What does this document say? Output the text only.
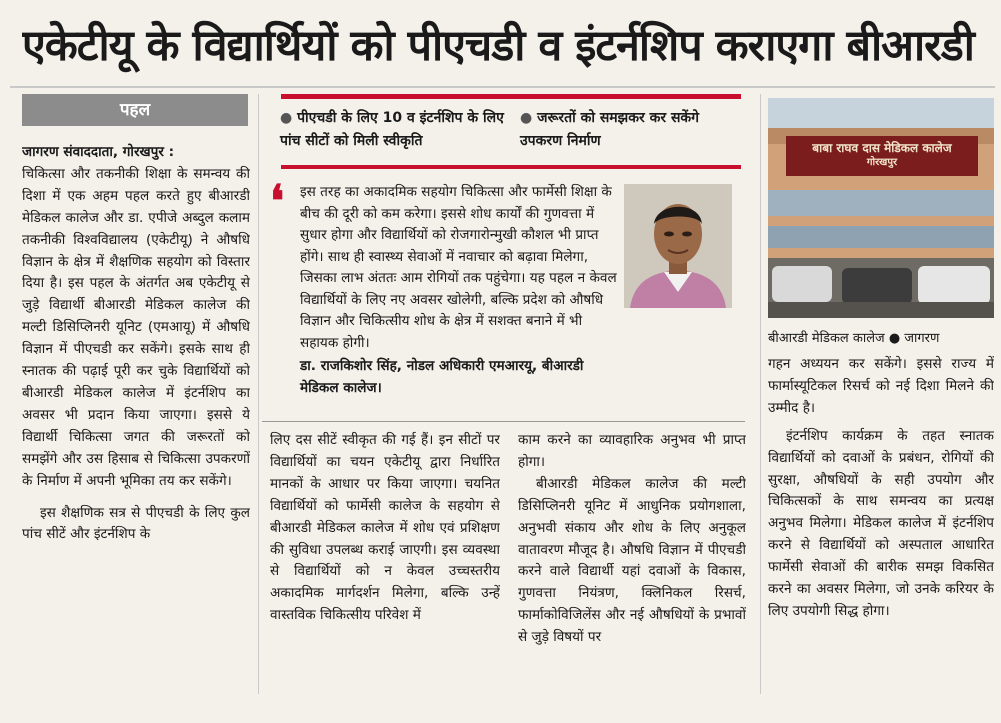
एकेटीयू के विद्यार्थियों को पीएचडी व इंटर्नशिप कराएगा बीआरडी
पहल

जागरण संवाददाता, गोरखपुर :

चिकित्सा और तकनीकी शिक्षा के समन्वय की दिशा में एक अहम पहल करते हुए बीआरडी मेडिकल कालेज और डा. एपीजे अब्दुल कलाम तकनीकी विश्वविद्यालय (एकेटीयू) ने औषधि विज्ञान के क्षेत्र में शैक्षणिक सहयोग को विस्तार दिया है। इस पहल के अंतर्गत अब एकेटीयू से जुड़े विद्यार्थी बीआरडी मेडिकल कालेज की मल्टी डिसिप्लिनरी यूनिट (एमआयू) में औषधि विज्ञान में पीएचडी कर सकेंगे। इसके साथ ही स्नातक की पढ़ाई पूरी कर चुके विद्यार्थियों को बीआरडी मेडिकल कालेज में इंटर्नशिप का अवसर भी प्रदान किया जाएगा। इससे ये विद्यार्थी चिकित्सा जगत की जरूरतों को समझेंगे और उस हिसाब से चिकित्सा उपकरणों के निर्माण में अपनी भूमिका तय कर सकेंगे।

इस शैक्षणिक सत्र से पीएचडी के लिए कुल पांच सीटें और इंटर्नशिप के

● पीएचडी के लिए 10 व इंटर्नशिप के लिए पांच सीटों को मिली स्वीकृति
● जरूरतों को समझकर कर सकेंगे उपकरण निर्माण
❛ इस तरह का अकादमिक सहयोग चिकित्सा और फार्मेसी शिक्षा के बीच की दूरी को कम करेगा। इससे शोध कार्यों की गुणवत्ता में सुधार होगा और विद्यार्थियों को रोजगारोन्मुखी कौशल भी प्राप्त होंगे। साथ ही स्वास्थ्य सेवाओं में नवाचार को बढ़ावा मिलेगा, जिसका लाभ अंततः आम रोगियों तक पहुंचेगा। यह पहल न केवल विद्यार्थियों के लिए नए अवसर खोलेगी, बल्कि प्रदेश को औषधि विज्ञान और चिकित्सीय शोध के क्षेत्र में सशक्त बनाने में भी सहायक होगी।
डा. राजकिशोर सिंह, नोडल अधिकारी एमआरयू, बीआरडी मेडिकल कालेज।
बाबा राघव दास मेडिकल कालेज
गोरखपुर
बीआरडी मेडिकल कालेज ● जागरण

लिए दस सीटें स्वीकृत की गई हैं। इन सीटों पर विद्यार्थियों का चयन एकेटीयू द्वारा निर्धारित मानकों के आधार पर किया जाएगा। चयनित विद्यार्थियों को फार्मेसी कालेज के सहयोग से बीआरडी मेडिकल कालेज में शोध एवं प्रशिक्षण की सुविधा उपलब्ध कराई जाएगी। इस व्यवस्था से विद्यार्थियों को न केवल उच्चस्तरीय अकादमिक मार्गदर्शन मिलेगा, बल्कि उन्हें वास्तविक चिकित्सीय परिवेश में

काम करने का व्यावहारिक अनुभव भी प्राप्त होगा।

बीआरडी मेडिकल कालेज की मल्टी डिसिप्लिनरी यूनिट में आधुनिक प्रयोगशाला, अनुभवी संकाय और शोध के लिए अनुकूल वातावरण मौजूद है। औषधि विज्ञान में पीएचडी करने वाले विद्यार्थी यहां दवाओं के विकास, गुणवत्ता नियंत्रण, क्लिनिकल रिसर्च, फार्माकोविजिलेंस और नई औषधियों के प्रभावों से जुड़े विषयों पर

गहन अध्ययन कर सकेंगे। इससे राज्य में फार्मास्यूटिकल रिसर्च को नई दिशा मिलने की उम्मीद है।

इंटर्नशिप कार्यक्रम के तहत स्नातक विद्यार्थियों को दवाओं के प्रबंधन, रोगियों की सुरक्षा, औषधियों के सही उपयोग और चिकित्सकों के साथ समन्वय का प्रत्यक्ष अनुभव मिलेगा। मेडिकल कालेज में इंटर्नशिप करने से विद्यार्थियों को अस्पताल आधारित फार्मेसी सेवाओं की बारीक समझ विकसित करने का अवसर मिलेगा, जो उनके करियर के लिए उपयोगी सिद्ध होगा।
